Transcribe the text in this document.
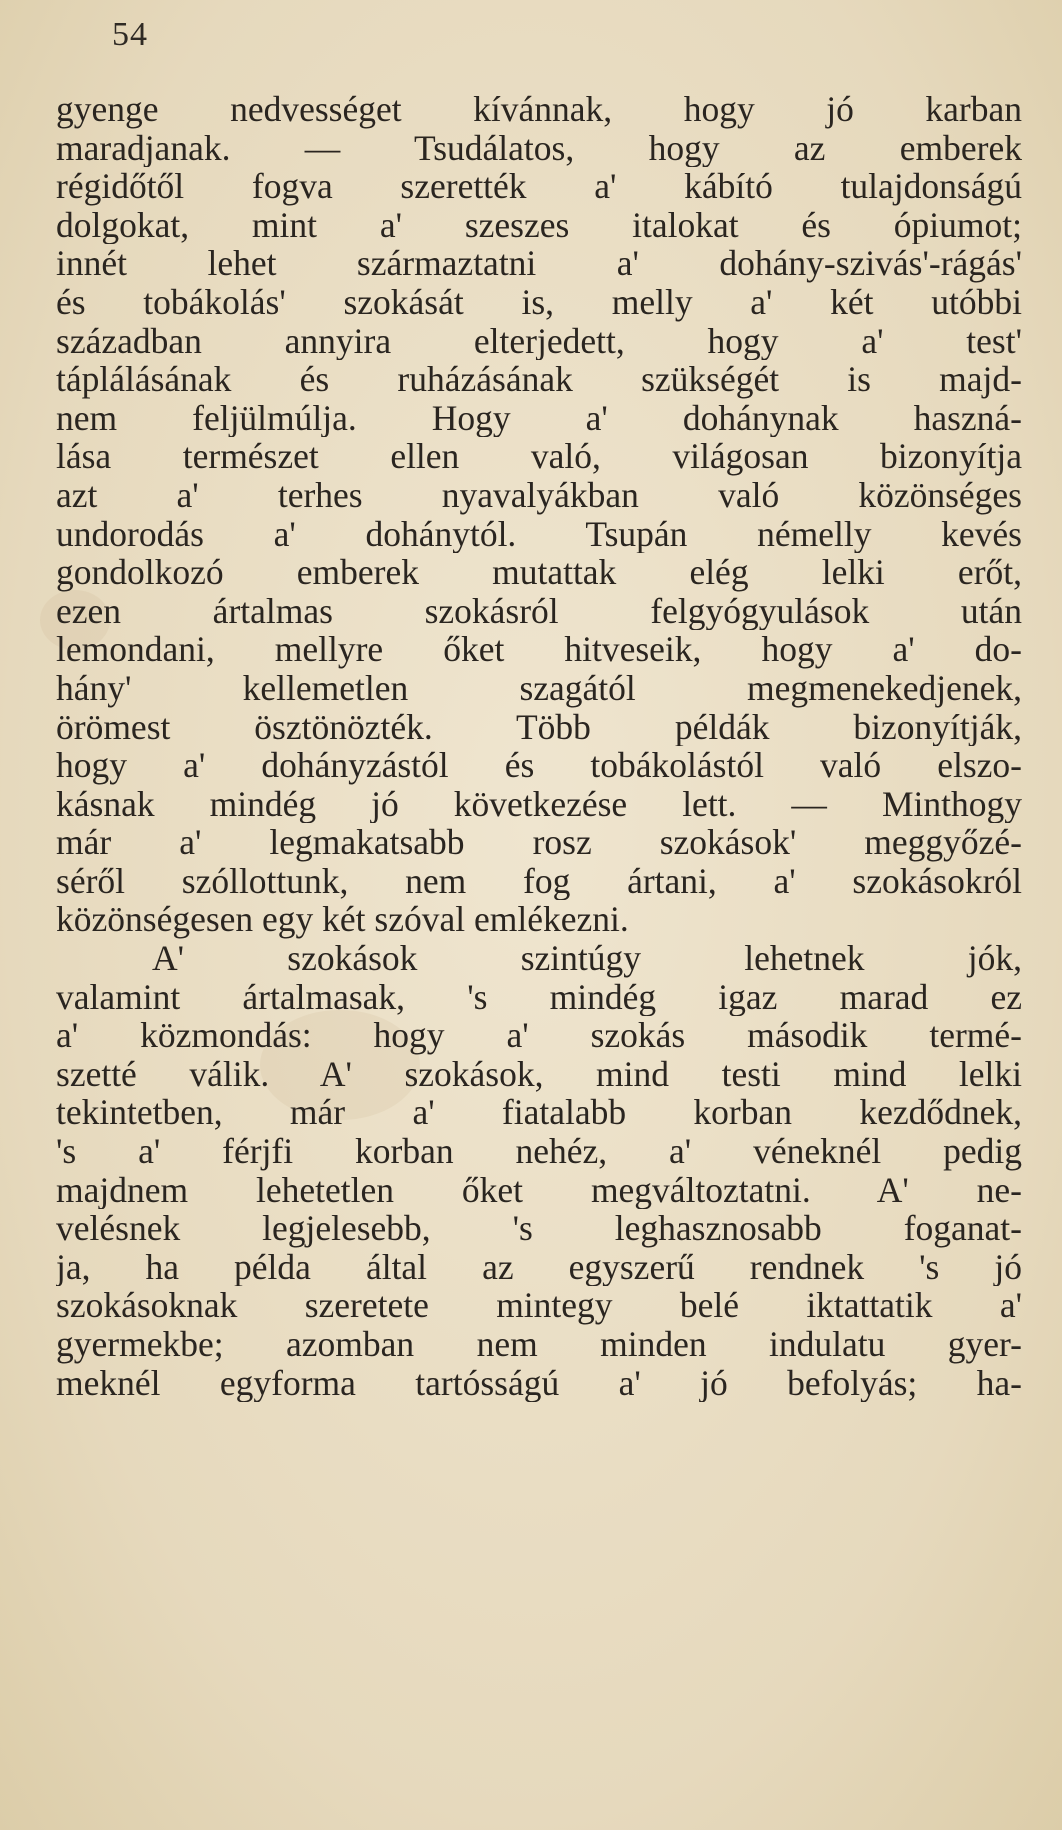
54
gyenge nedvességet kívánnak, hogy jó karban
maradjanak. — Tsudálatos, hogy az emberek
régidőtől fogva szerették a' kábító tulajdonságú
dolgokat, mint a' szeszes italokat és ópiumot;
innét lehet származtatni a' dohány-szivás'-rágás'
és tobákolás' szokását is, melly a' két utóbbi
században annyira elterjedett, hogy a' test'
táplálásának és ruházásának szükségét is majd-
nem feljülmúlja. Hogy a' dohánynak haszná-
lása természet ellen való, világosan bizonyítja
azt a' terhes nyavalyákban való közönséges
undorodás a' dohánytól. Tsupán némelly kevés
gondolkozó emberek mutattak elég lelki erőt,
ezen ártalmas szokásról felgyógyulások után
lemondani, mellyre őket hitveseik, hogy a' do-
hány' kellemetlen szagától megmenekedjenek,
örömest ösztönözték. Több példák bizonyítják,
hogy a' dohányzástól és tobákolástól való elszo-
kásnak mindég jó következése lett. — Minthogy
már a' legmakatsabb rosz szokások' meggyőzé-
séről szóllottunk, nem fog ártani, a' szokásokról
közönségesen egy két szóval emlékezni.
A' szokások szintúgy lehetnek jók,
valamint ártalmasak, 's mindég igaz marad ez
a' közmondás: hogy a' szokás második termé-
szetté válik. A' szokások, mind testi mind lelki
tekintetben, már a' fiatalabb korban kezdődnek,
's a' férjfi korban nehéz, a' véneknél pedig
majdnem lehetetlen őket megváltoztatni. A' ne-
velésnek legjelesebb, 's leghasznosabb foganat-
ja, ha példa által az egyszerű rendnek 's jó
szokásoknak szeretete mintegy belé iktattatik a'
gyermekbe; azomban nem minden indulatu gyer-
meknél egyforma tartósságú a' jó befolyás; ha-
